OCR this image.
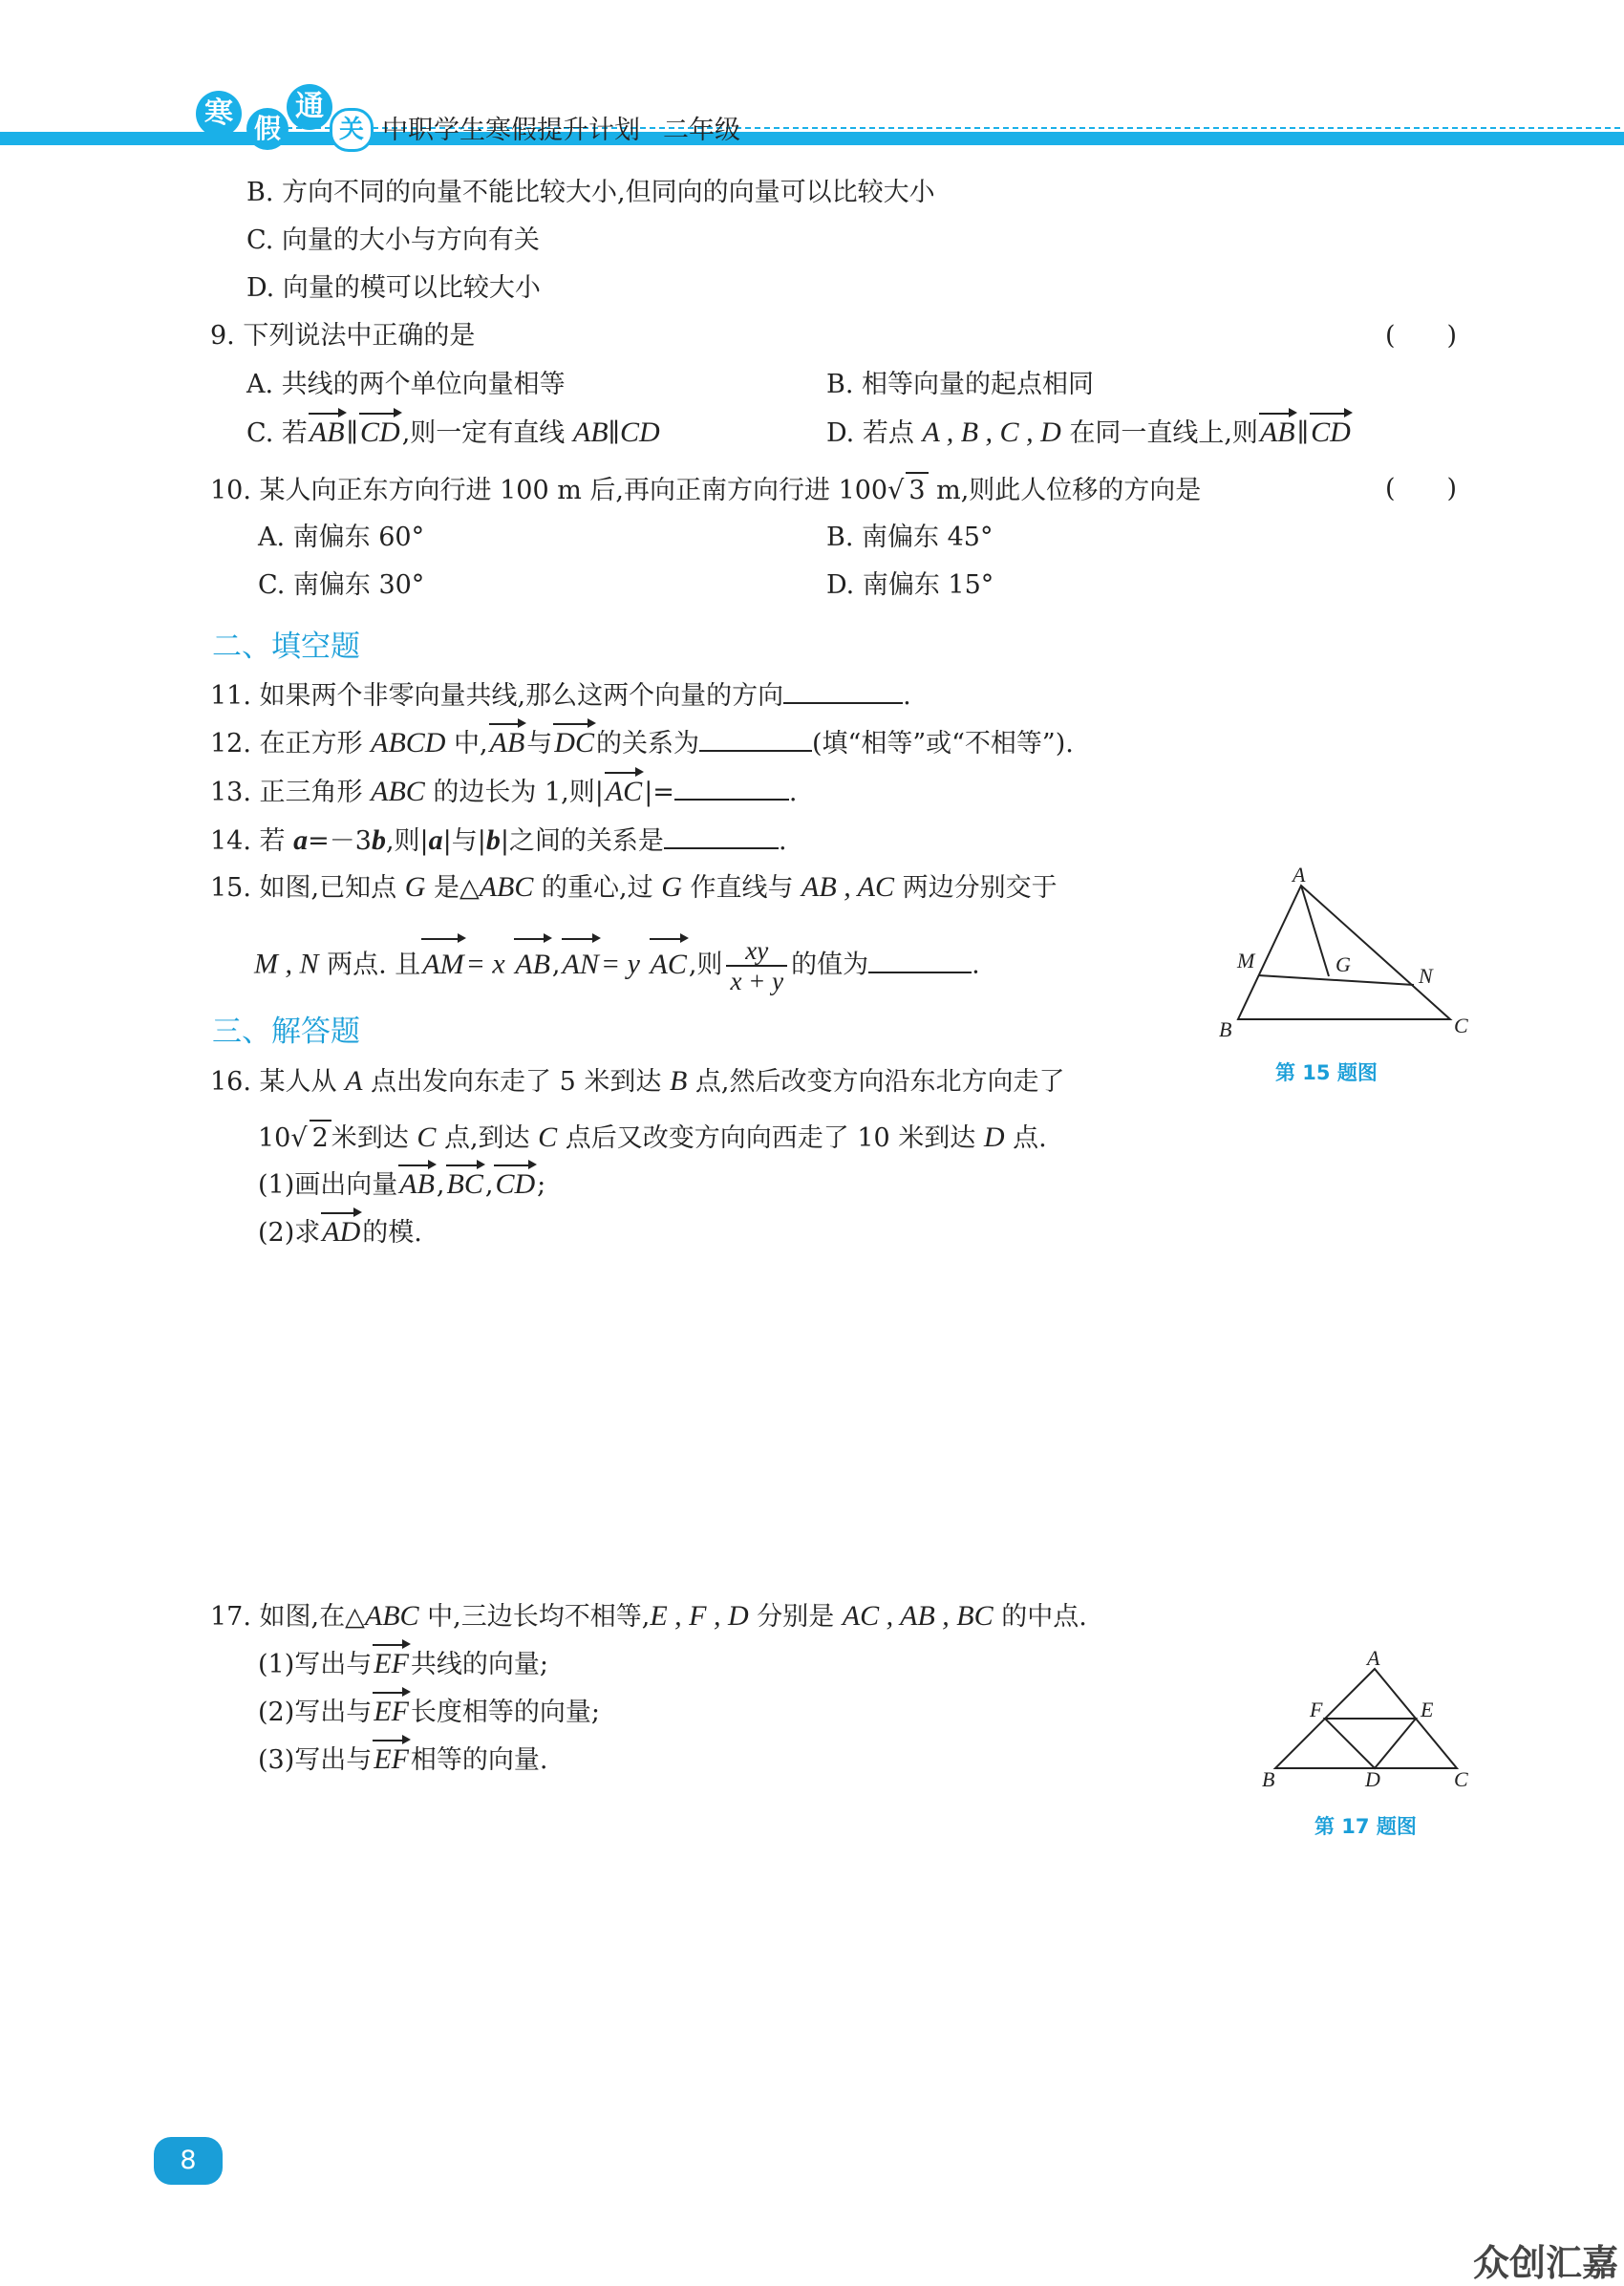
寒 假
通
关 中职学生寒假提升计划 二年级
B. 方向不同的向量不能比较大小,但同向的向量可以比较大小
C. 向量的大小与方向有关
D. 向量的模可以比较大小
9. 下列说法中正确的是	(　　)
A. 共线的两个单位向量相等	B. 相等向量的起点相同
C. 若AB∥CD,则一定有直线 AB∥CD	D. 若点 A , B , C , D 在同一直线上,则AB∥CD
10. 某人向正东方向行进 100 m 后,再向正南方向行进 100√ 3 m,则此人位移的方向是	(　　)
A. 南偏东 60°	B. 南偏东 45°
C. 南偏东 30°	D. 南偏东 15°
二、填空题
11. 如果两个非零向量共线,那么这两个向量的方向	.
12. 在正方形 ABCD 中,AB与DC的关系为	(填“相等”或“不相等”).
13. 正三角形 ABC 的边长为 1,则|AC|=	.
14. 若 a=－3b,则|a|与|b|之间的关系是	.
15. 如图,已知点 G 是△ABC 的重心,过 G 作直线与 AB , AC 两边分别交于
M , N 两点. 且AM= x AB,AN= y AC,则 $\frac{xy}{x + y}$ 的值为	.
A
B	C
M
N
G
第 15 题图
三、解答题
16. 某人从 A 点出发向东走了 5 米到达 B 点,然后改变方向沿东北方向走了
10√ 2 米到达 C 点,到达 C 点后又改变方向向西走了 10 米到达 D 点.
(1)画出向量AB,BC,CD;
(2)求AD的模.
17. 如图,在△ABC 中,三边长均不相等,E , F , D 分别是 AC , AB , BC 的中点.
(1)写出与EF共线的向量;
(2)写出与EF长度相等的向量;
(3)写出与EF相等的向量.
A
B	C
D
E
F
第 17 题图
8
众创汇嘉
